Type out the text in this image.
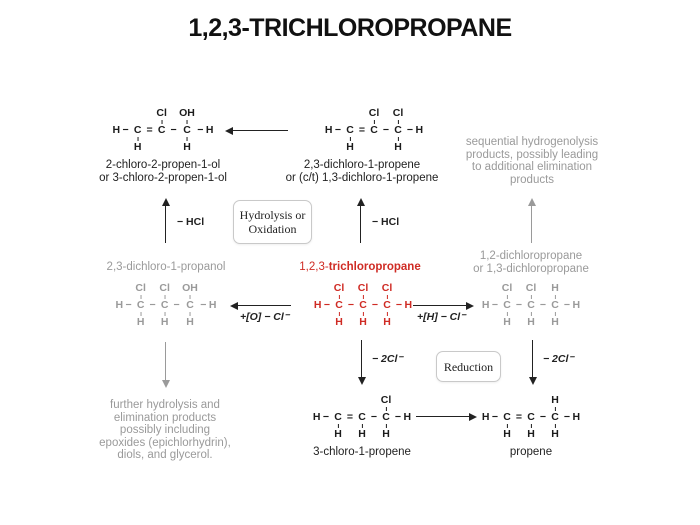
1,2,3-TRICHLOROPROPANE
H − C
H
=
Cl
C −
OH
C
H
− H	H − C
H
=
Cl
C −
Cl
C
H
− H
H −
Cl
C
H
−
Cl
C
H
−
OH
C
H
− H	H −
Cl
C
H
−
Cl
C
H
−
Cl
C
H
− H	H −
Cl
C
H
−
Cl
C
H
−
H
C
H
− H
H − C
H
= C
H
−
Cl
C
H
− H	H − C
H
= C
H
−
H
C
H
− H
2-chloro-2-propen-1-ol
or 3-chloro-2-propen-1-ol
2,3-dichloro-1-propene
or (c/t) 1,3-dichloro-1-propene
2,3-dichloro-1-propanol	1,2,3-trichloropropane
1,2-dichloropropane
or 1,3-dichloropropane
3-chloro-1-propene	propene
sequential hydrogenolysis
products, possibly leading
to additional elimination
products
further hydrolysis and
elimination products
possibly including
epoxides (epichlorhydrin),
diols, and glycerol.
Hydrolysis or
Oxidation
Reduction
− HCl	− HCl
+[O] − Cl⁻	+[H] − Cl⁻
− 2Cl⁻	− 2Cl⁻
